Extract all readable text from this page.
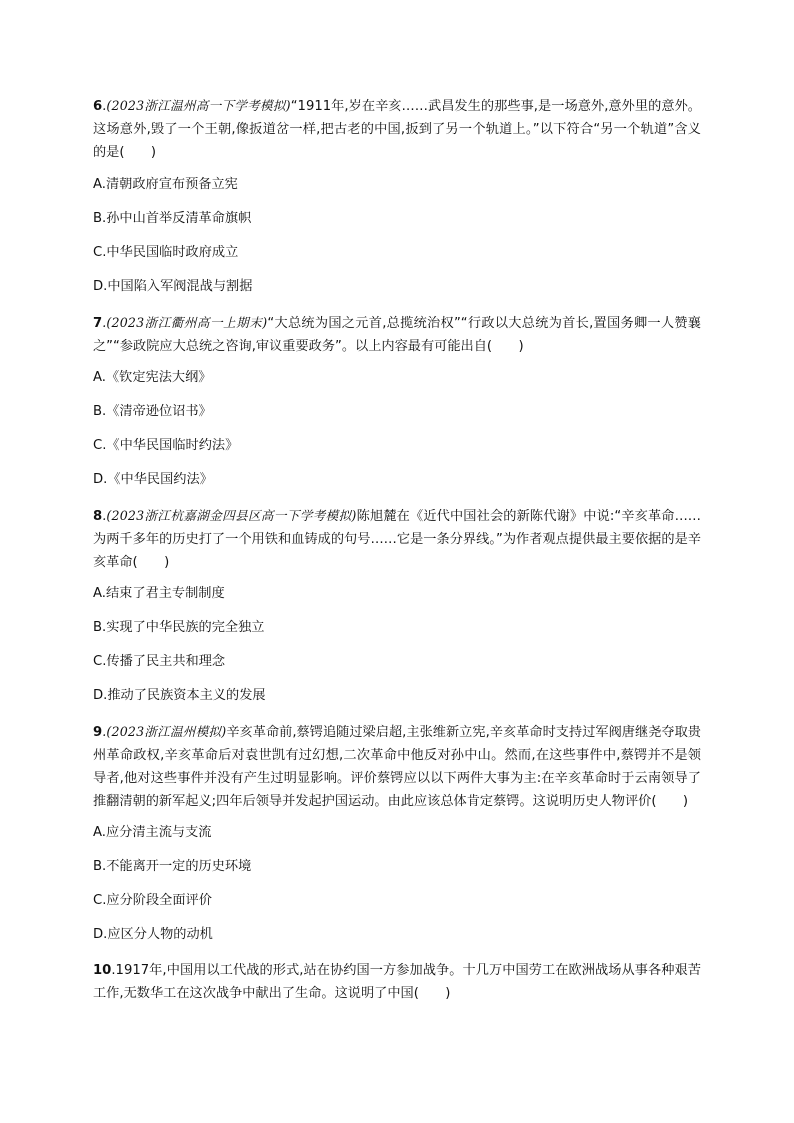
6.(2023浙江温州高一下学考模拟)“1911年,岁在辛亥……武昌发生的那些事,是一场意外,意外里的意外。这场意外,毁了一个王朝,像扳道岔一样,把古老的中国,扳到了另一个轨道上。”以下符合“另一个轨道”含义的是(　　)

A.清朝政府宣布预备立宪
B.孙中山首举反清革命旗帜
C.中华民国临时政府成立
D.中国陷入军阀混战与割据

7.(2023浙江衢州高一上期末)“大总统为国之元首,总揽统治权”“行政以大总统为首长,置国务卿一人赞襄之”“参政院应大总统之咨询,审议重要政务”。以上内容最有可能出自(　　)

A.《钦定宪法大纲》
B.《清帝逊位诏书》
C.《中华民国临时约法》
D.《中华民国约法》

8.(2023浙江杭嘉湖金四县区高一下学考模拟)陈旭麓在《近代中国社会的新陈代谢》中说:“辛亥革命……为两千多年的历史打了一个用铁和血铸成的句号……它是一条分界线。”为作者观点提供最主要依据的是辛亥革命(　　)

A.结束了君主专制制度
B.实现了中华民族的完全独立
C.传播了民主共和理念
D.推动了民族资本主义的发展

9.(2023浙江温州模拟)辛亥革命前,蔡锷追随过梁启超,主张维新立宪,辛亥革命时支持过军阀唐继尧夺取贵州革命政权,辛亥革命后对袁世凯有过幻想,二次革命中他反对孙中山。然而,在这些事件中,蔡锷并不是领导者,他对这些事件并没有产生过明显影响。评价蔡锷应以以下两件大事为主:在辛亥革命时于云南领导了推翻清朝的新军起义;四年后领导并发起护国运动。由此应该总体肯定蔡锷。这说明历史人物评价(　　)

A.应分清主流与支流
B.不能离开一定的历史环境
C.应分阶段全面评价
D.应区分人物的动机

10.1917年,中国用以工代战的形式,站在协约国一方参加战争。十几万中国劳工在欧洲战场从事各种艰苦工作,无数华工在这次战争中献出了生命。这说明了中国(　　)
